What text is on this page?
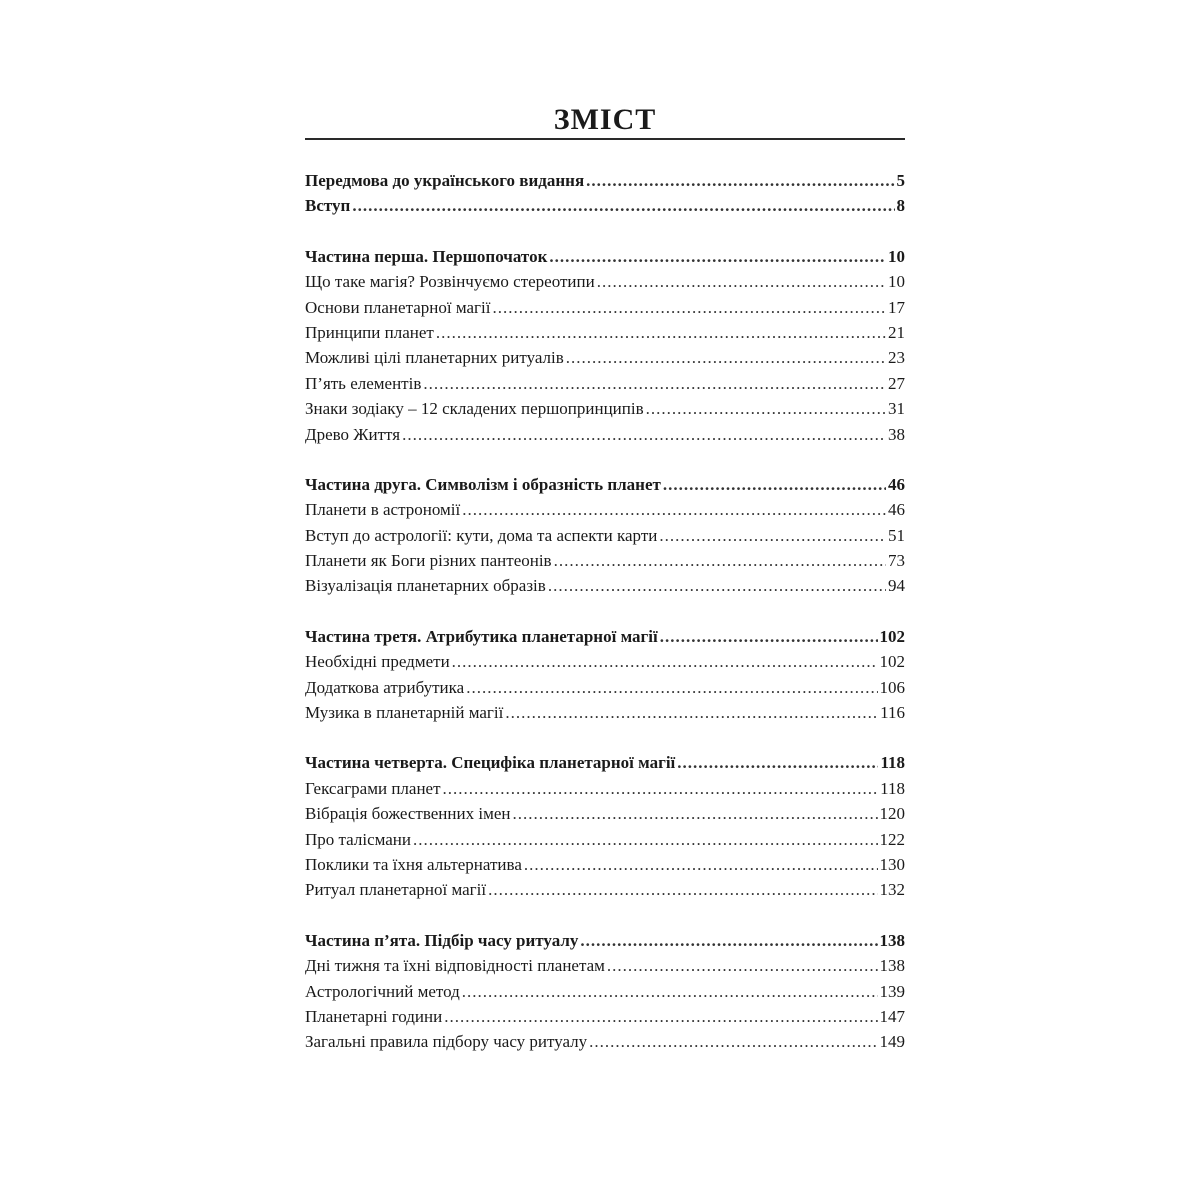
ЗМІСТ
Передмова до українського видання .....	5
Вступ .....	8
Частина перша. Першопочаток .....	10
Що таке магія? Розвінчуємо стереотипи .....	10
Основи планетарної магії .....	17
Принципи планет .....	21
Можливі цілі планетарних ритуалів .....	23
П’ять елементів .....	27
Знаки зодіаку – 12 складених першопринципів .....	31
Древо Життя .....	38
Частина друга. Символізм і образність планет .....	46
Планети в астрономії .....	46
Вступ до астрології: кути, дома та аспекти карти .....	51
Планети як Боги різних пантеонів .....	73
Візуалізація планетарних образів .....	94
Частина третя. Атрибутика планетарної магії .....	102
Необхідні предмети .....	102
Додаткова атрибутика .....	106
Музика в планетарній магії .....	116
Частина четверта. Специфіка планетарної магії .....	118
Гексаграми планет .....	118
Вібрація божественних імен .....	120
Про талісмани .....	122
Поклики та їхня альтернатива .....	130
Ритуал планетарної магії .....	132
Частина п’ята. Підбір часу ритуалу .....	138
Дні тижня та їхні відповідності планетам .....	138
Астрологічний метод .....	139
Планетарні години .....	147
Загальні правила підбору часу ритуалу .....	149
